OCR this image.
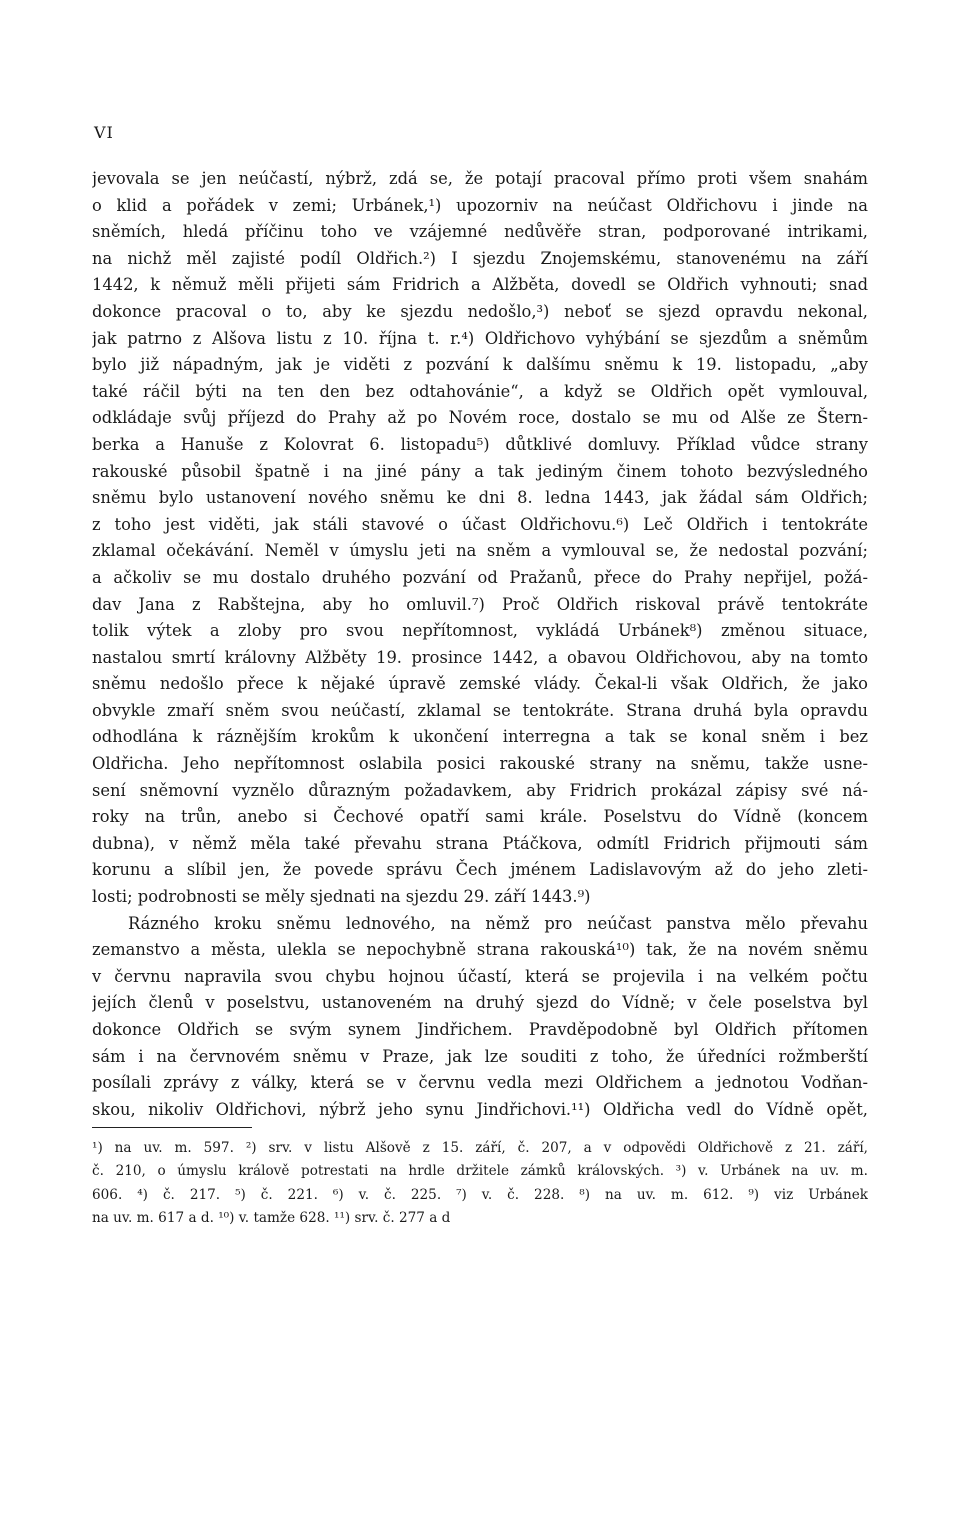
VI
jevovala se jen neúčastí, nýbrž, zdá se, že potají pracoval přímo proti všem snahám
o klid a pořádek v zemi; Urbánek,¹) upozorniv na neúčast Oldřichovu i jinde na
sněmích, hledá příčinu toho ve vzájemné nedůvěře stran, podporované intrikami,
na nichž měl zajisté podíl Oldřich.²) I sjezdu Znojemskému, stanovenému na září
1442, k němuž měli přijeti sám Fridrich a Alžběta, dovedl se Oldřich vyhnouti; snad
dokonce pracoval o to, aby ke sjezdu nedošlo,³) neboť se sjezd opravdu nekonal,
jak patrno z Alšova listu z 10. října t. r.⁴) Oldřichovo vyhýbání se sjezdům a sněmům
bylo již nápadným, jak je viděti z pozvání k dalšímu sněmu k 19. listopadu, „aby
také ráčil býti na ten den bez odtahovánie“, a když se Oldřich opět vymlouval,
odkládaje svůj příjezd do Prahy až po Novém roce, dostalo se mu od Alše ze Štern-
berka a Hanuše z Kolovrat 6. listopadu⁵) důtklivé domluvy. Příklad vůdce strany
rakouské působil špatně i na jiné pány a tak jediným činem tohoto bezvýsledného
sněmu bylo ustanovení nového sněmu ke dni 8. ledna 1443, jak žádal sám Oldřich;
z toho jest viděti, jak stáli stavové o účast Oldřichovu.⁶) Leč Oldřich i tentokráte
zklamal očekávání. Neměl v úmyslu jeti na sněm a vymlouval se, že nedostal pozvání;
a ačkoliv se mu dostalo druhého pozvání od Pražanů, přece do Prahy nepřijel, požá-
dav Jana z Rabštejna, aby ho omluvil.⁷) Proč Oldřich riskoval právě tentokráte
tolik výtek a zloby pro svou nepřítomnost, vykládá Urbánek⁸) změnou situace,
nastalou smrtí královny Alžběty 19. prosince 1442, a obavou Oldřichovou, aby na tomto
sněmu nedošlo přece k nějaké úpravě zemské vlády. Čekal-li však Oldřich, že jako
obvykle zmaří sněm svou neúčastí, zklamal se tentokráte. Strana druhá byla opravdu
odhodlána k ráznějším krokům k ukončení interregna a tak se konal sněm i bez
Oldřicha. Jeho nepřítomnost oslabila posici rakouské strany na sněmu, takže usne-
sení sněmovní vyznělo důrazným požadavkem, aby Fridrich prokázal zápisy své ná-
roky na trůn, anebo si Čechové opatří sami krále. Poselstvu do Vídně (koncem
dubna), v němž měla také převahu strana Ptáčkova, odmítl Fridrich přijmouti sám
korunu a slíbil jen, že povede správu Čech jménem Ladislavovým až do jeho zleti-
losti; podrobnosti se měly sjednati na sjezdu 29. září 1443.⁹)
Rázného kroku sněmu lednového, na němž pro neúčast panstva mělo převahu
zemanstvo a města, ulekla se nepochybně strana rakouská¹⁰) tak, že na novém sněmu
v červnu napravila svou chybu hojnou účastí, která se projevila i na velkém počtu
jejích členů v poselstvu, ustanoveném na druhý sjezd do Vídně; v čele poselstva byl
dokonce Oldřich se svým synem Jindřichem. Pravděpodobně byl Oldřich přítomen
sám i na červnovém sněmu v Praze, jak lze souditi z toho, že úředníci rožmberští
posílali zprávy z války, která se v červnu vedla mezi Oldřichem a jednotou Vodňan-
skou, nikoliv Oldřichovi, nýbrž jeho synu Jindřichovi.¹¹) Oldřicha vedl do Vídně opět,
¹) na uv. m. 597. ²) srv. v listu Alšově z 15. září, č. 207, a v odpovědi Oldřichově z 21. září,
č. 210, o úmyslu králově potrestati na hrdle držitele zámků královských. ³) v. Urbánek na uv. m.
606. ⁴) č. 217. ⁵) č. 221. ⁶) v. č. 225. ⁷) v. č. 228. ⁸) na uv. m. 612. ⁹) viz Urbánek
na uv. m. 617 a d. ¹⁰) v. tamže 628. ¹¹) srv. č. 277 a d
